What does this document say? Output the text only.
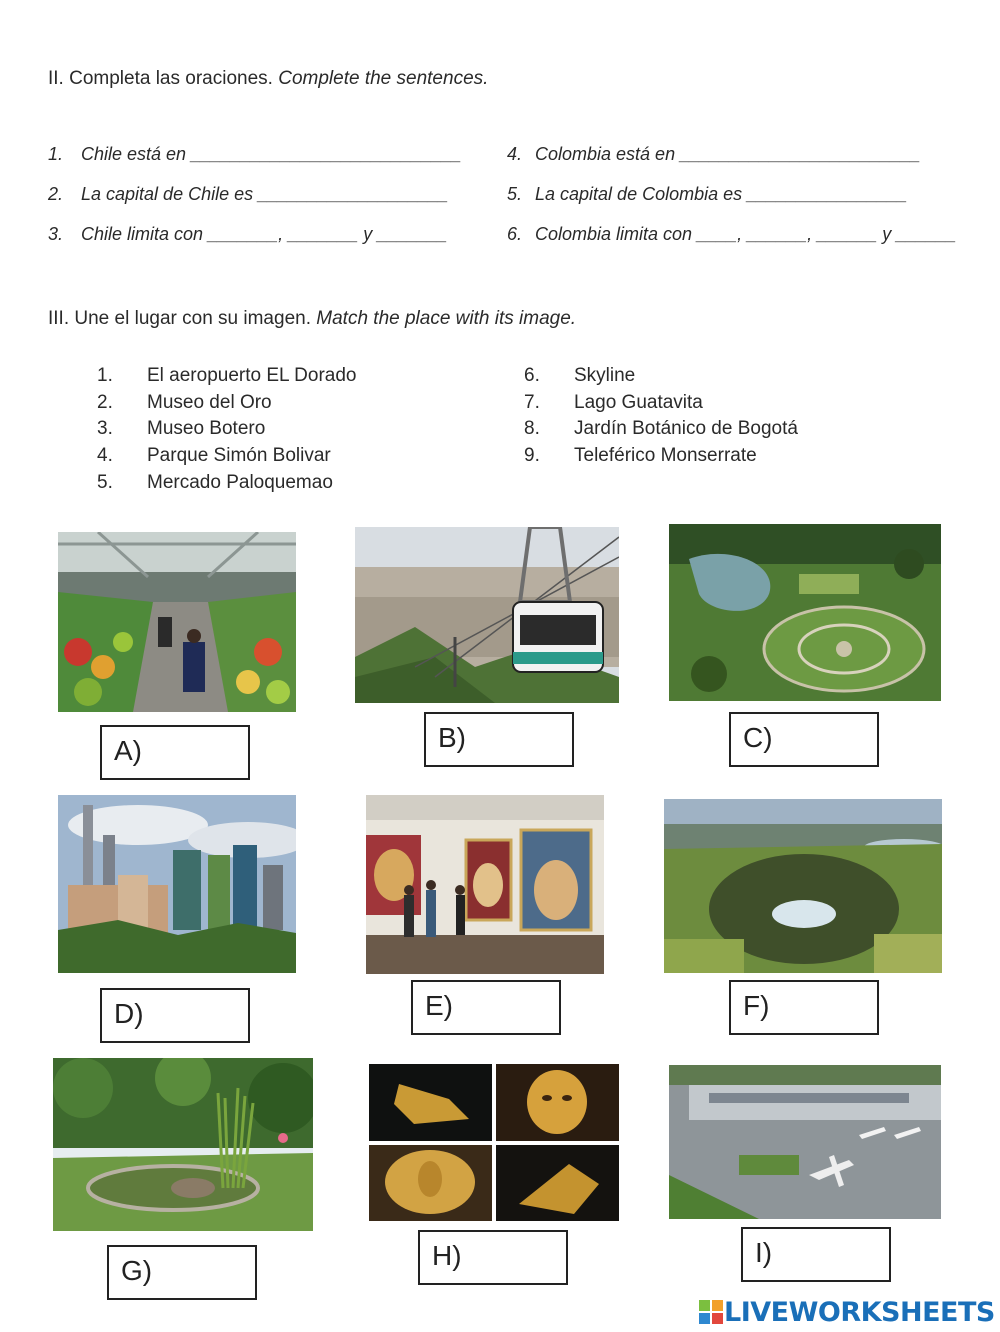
II. Completa las oraciones. Complete the sentences.
1. Chile está en ___________________________
2. La capital de Chile es ___________________
3. Chile limita con _______, _______ y _______
4. Colombia está en ________________________
5. La capital de Colombia es ________________
6. Colombia limita con ____, ______, ______ y ______
III. Une el lugar con su imagen. Match the place with its image.
1. El aeropuerto EL Dorado
2. Museo del Oro
3. Museo Botero
4. Parque Simón Bolivar
5. Mercado Paloquemao
6. Skyline
7. Lago Guatavita
8. Jardín Botánico de Bogotá
9. Teleférico Monserrate
A)	B)	C)
D)	E)	F)
G)	H)	I)
LIVEWORKSHEETS
